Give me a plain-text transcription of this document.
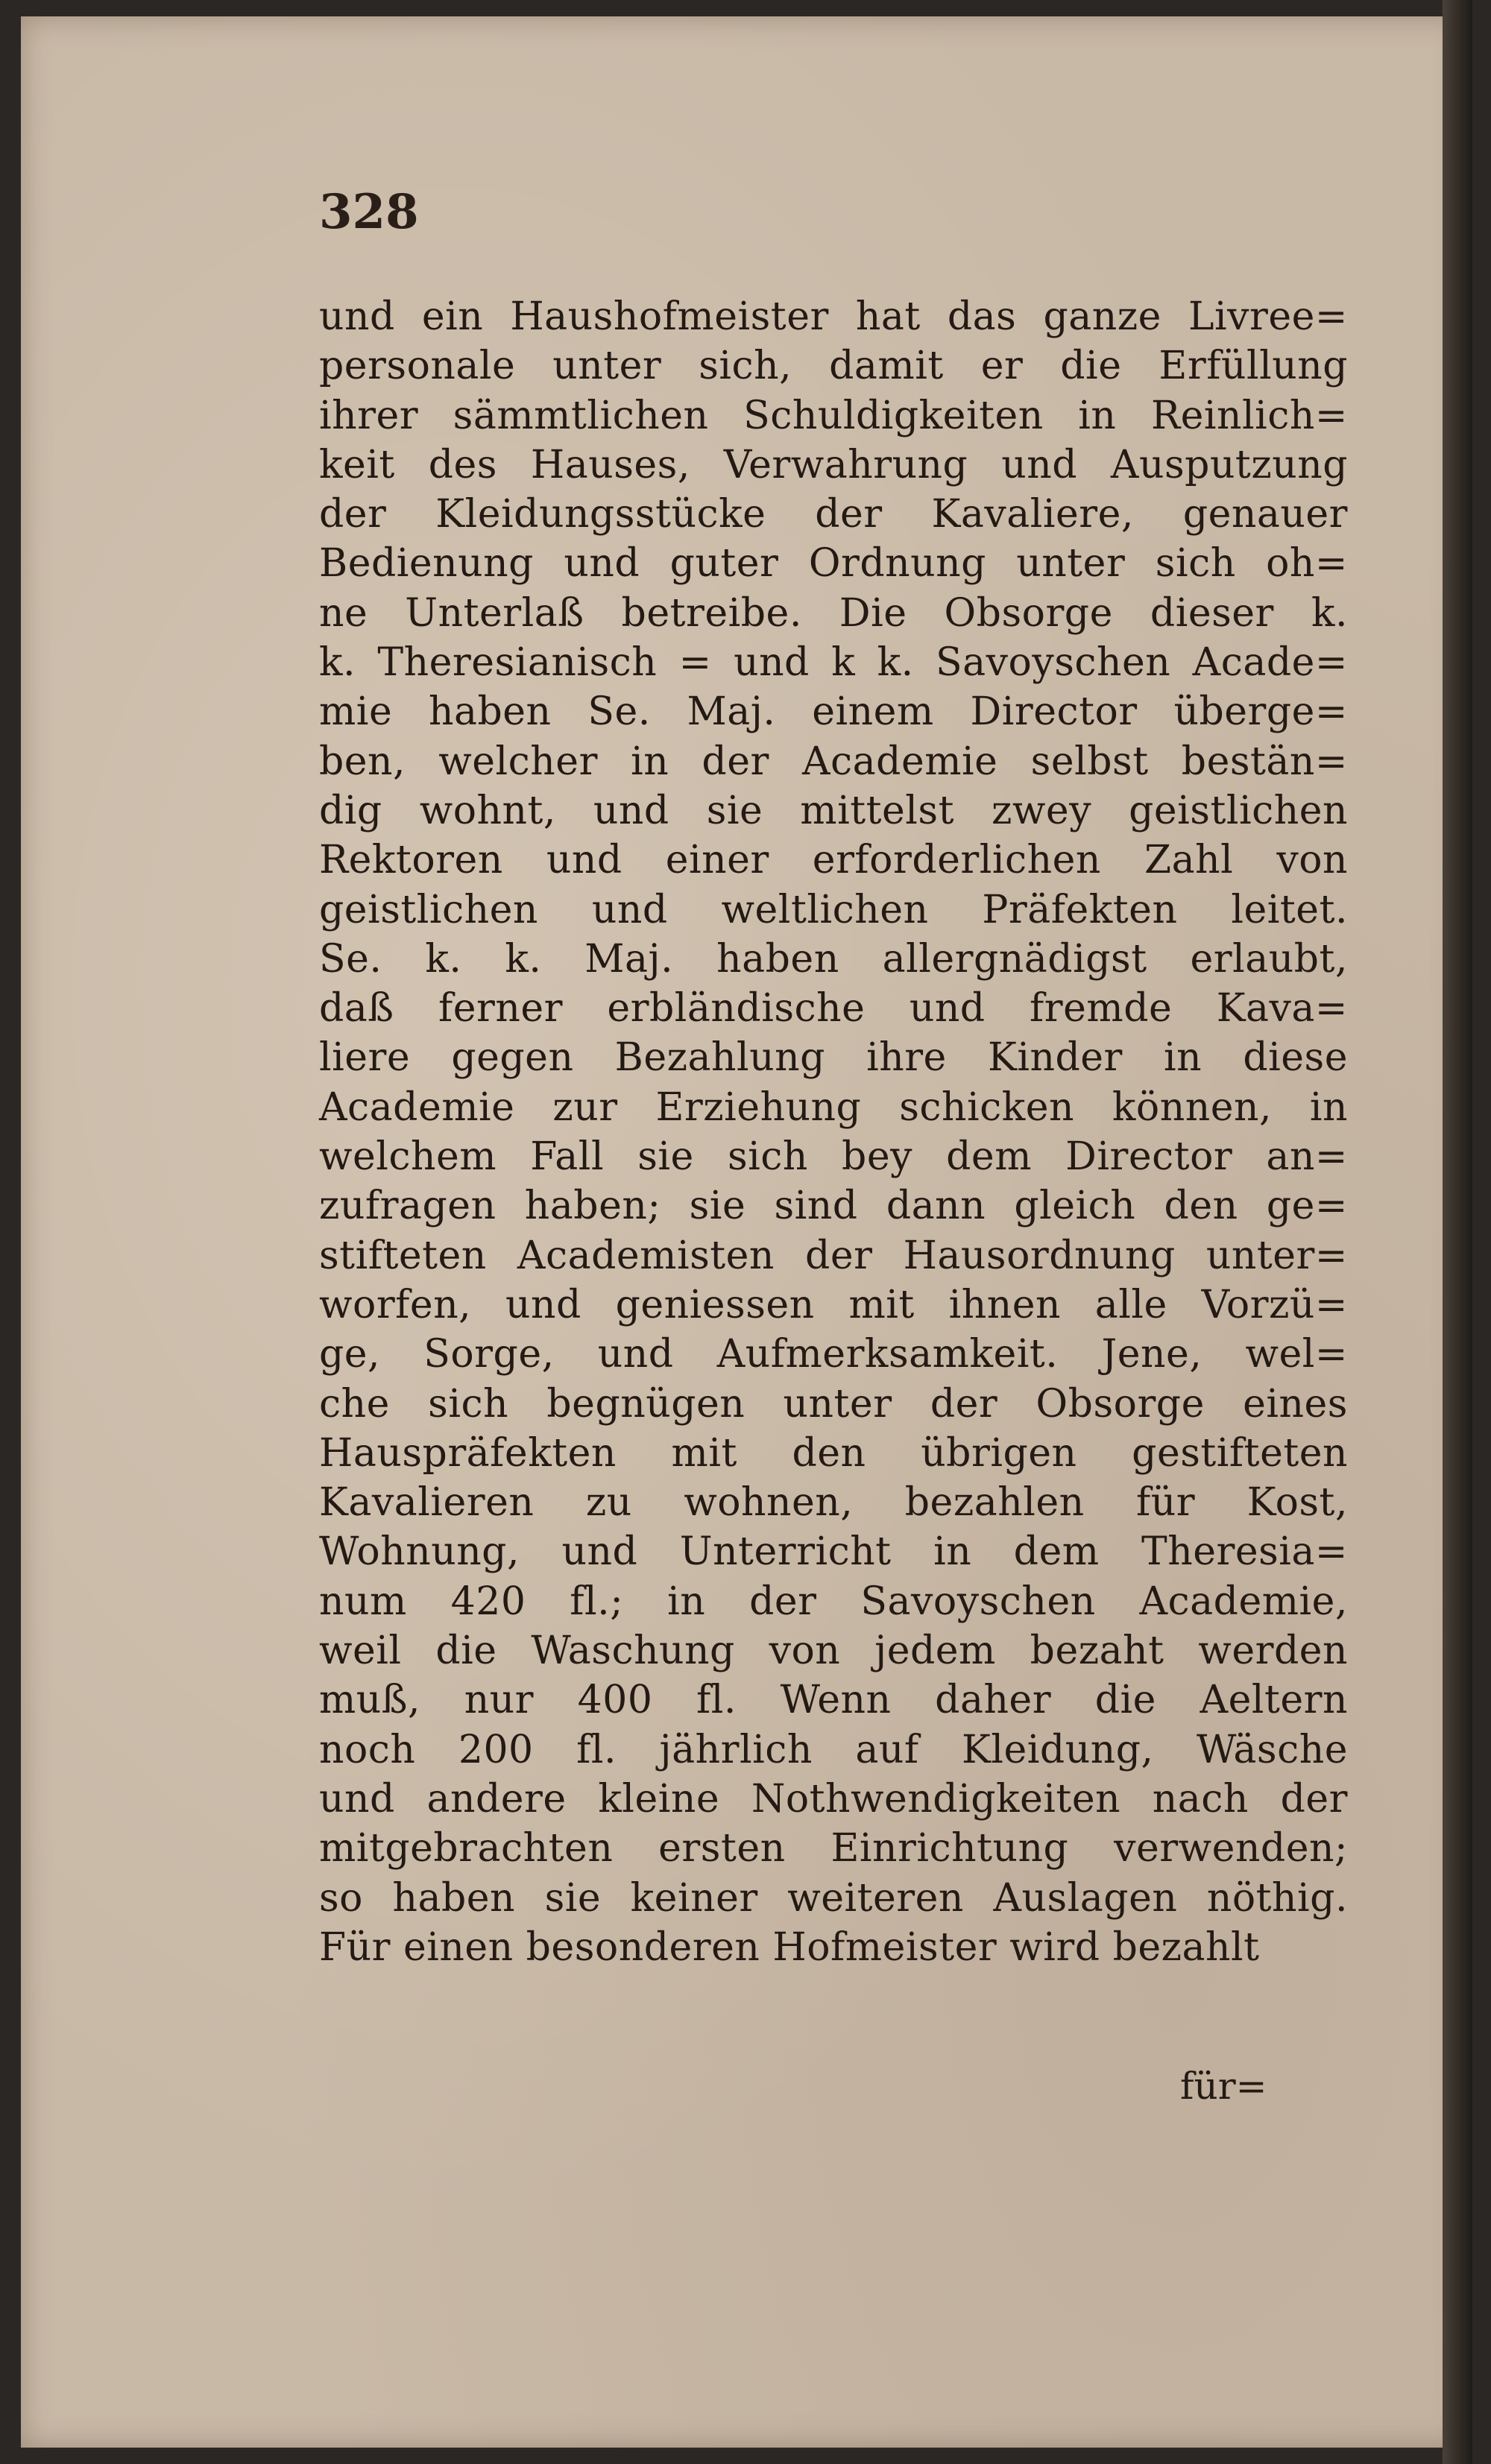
328

und ein Haushofmeister hat das ganze Livree=
personale unter sich, damit er die Erfüllung
ihrer sämmtlichen Schuldigkeiten in Reinlich=
keit des Hauses, Verwahrung und Ausputzung
der Kleidungsstücke der Kavaliere, genauer
Bedienung und guter Ordnung unter sich oh=
ne Unterlaß betreibe. Die Obsorge dieser k.
k. Theresianisch = und k k. Savoyschen Acade=
mie haben Se. Maj. einem Director überge=
ben, welcher in der Academie selbst bestän=
dig wohnt, und sie mittelst zwey geistlichen
Rektoren und einer erforderlichen Zahl von
geistlichen und weltlichen Präfekten leitet.
Se. k. k. Maj. haben allergnädigst erlaubt,
daß ferner erbländische und fremde Kava=
liere gegen Bezahlung ihre Kinder in diese
Academie zur Erziehung schicken können, in
welchem Fall sie sich bey dem Director an=
zufragen haben; sie sind dann gleich den ge=
stifteten Academisten der Hausordnung unter=
worfen, und geniessen mit ihnen alle Vorzü=
ge, Sorge, und Aufmerksamkeit. Jene, wel=
che sich begnügen unter der Obsorge eines
Hauspräfekten mit den übrigen gestifteten
Kavalieren zu wohnen, bezahlen für Kost,
Wohnung, und Unterricht in dem Theresia=
num 420 fl.; in der Savoyschen Academie,
weil die Waschung von jedem bezaht werden
muß, nur 400 fl. Wenn daher die Aeltern
noch 200 fl. jährlich auf Kleidung, Wäsche
und andere kleine Nothwendigkeiten nach der
mitgebrachten ersten Einrichtung verwenden;
so haben sie keiner weiteren Auslagen nöthig.
Für einen besonderen Hofmeister wird bezahlt

für=
